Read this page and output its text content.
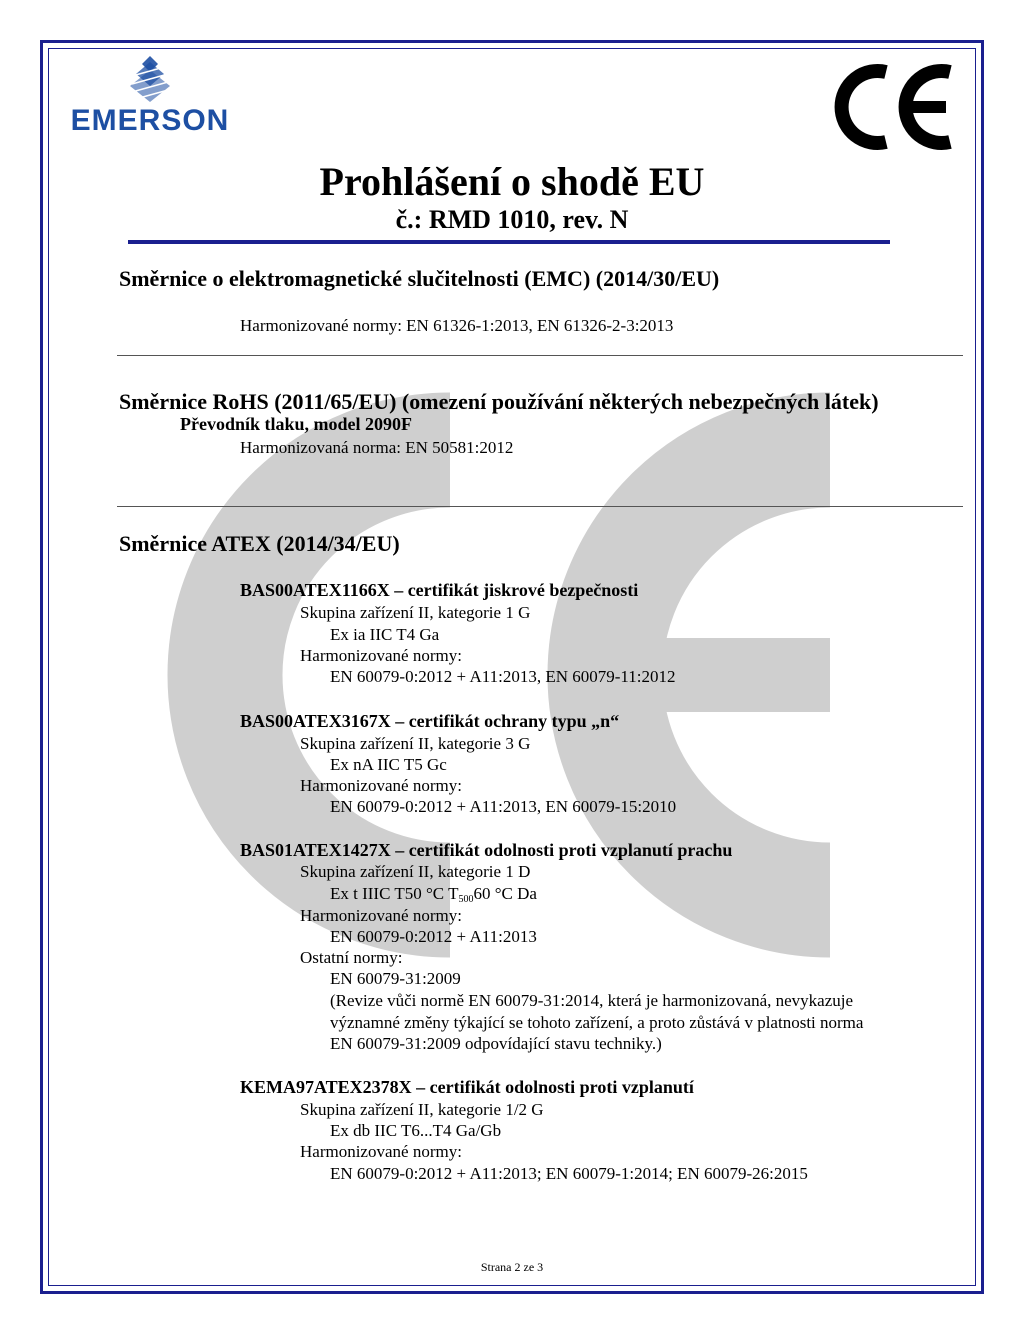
EMERSON
Prohlášení o shodě EU
č.: RMD 1010, rev. N
Směrnice o elektromagnetické slučitelnosti (EMC) (2014/30/EU)
Harmonizované normy: EN 61326-1:2013, EN 61326-2-3:2013
Směrnice RoHS (2011/65/EU) (omezení používání některých nebezpečných látek)
Převodník tlaku, model 2090F
Harmonizovaná norma: EN 50581:2012
Směrnice ATEX (2014/34/EU)
BAS00ATEX1166X – certifikát jiskrové bezpečnosti
Skupina zařízení II, kategorie 1 G
Ex ia IIC T4 Ga
Harmonizované normy:
EN 60079-0:2012 + A11:2013, EN 60079-11:2012
BAS00ATEX3167X – certifikát ochrany typu „n“
Skupina zařízení II, kategorie 3 G
Ex nA IIC T5 Gc
Harmonizované normy:
EN 60079-0:2012 + A11:2013, EN 60079-15:2010
BAS01ATEX1427X – certifikát odolnosti proti vzplanutí prachu
Skupina zařízení II, kategorie 1 D
Ex t IIIC T50 °C $T_{500}60$ °C Da
Harmonizované normy:
EN 60079-0:2012 + A11:2013
Ostatní normy:
EN 60079-31:2009
(Revize vůči normě EN 60079-31:2014, která je harmonizovaná, nevykazuje
významné změny týkající se tohoto zařízení, a proto zůstává v platnosti norma
EN 60079-31:2009 odpovídající stavu techniky.)
KEMA97ATEX2378X – certifikát odolnosti proti vzplanutí
Skupina zařízení II, kategorie 1/2 G
Ex db IIC T6...T4 Ga/Gb
Harmonizované normy:
EN 60079-0:2012 + A11:2013; EN 60079-1:2014; EN 60079-26:2015
Strana 2 ze 3
